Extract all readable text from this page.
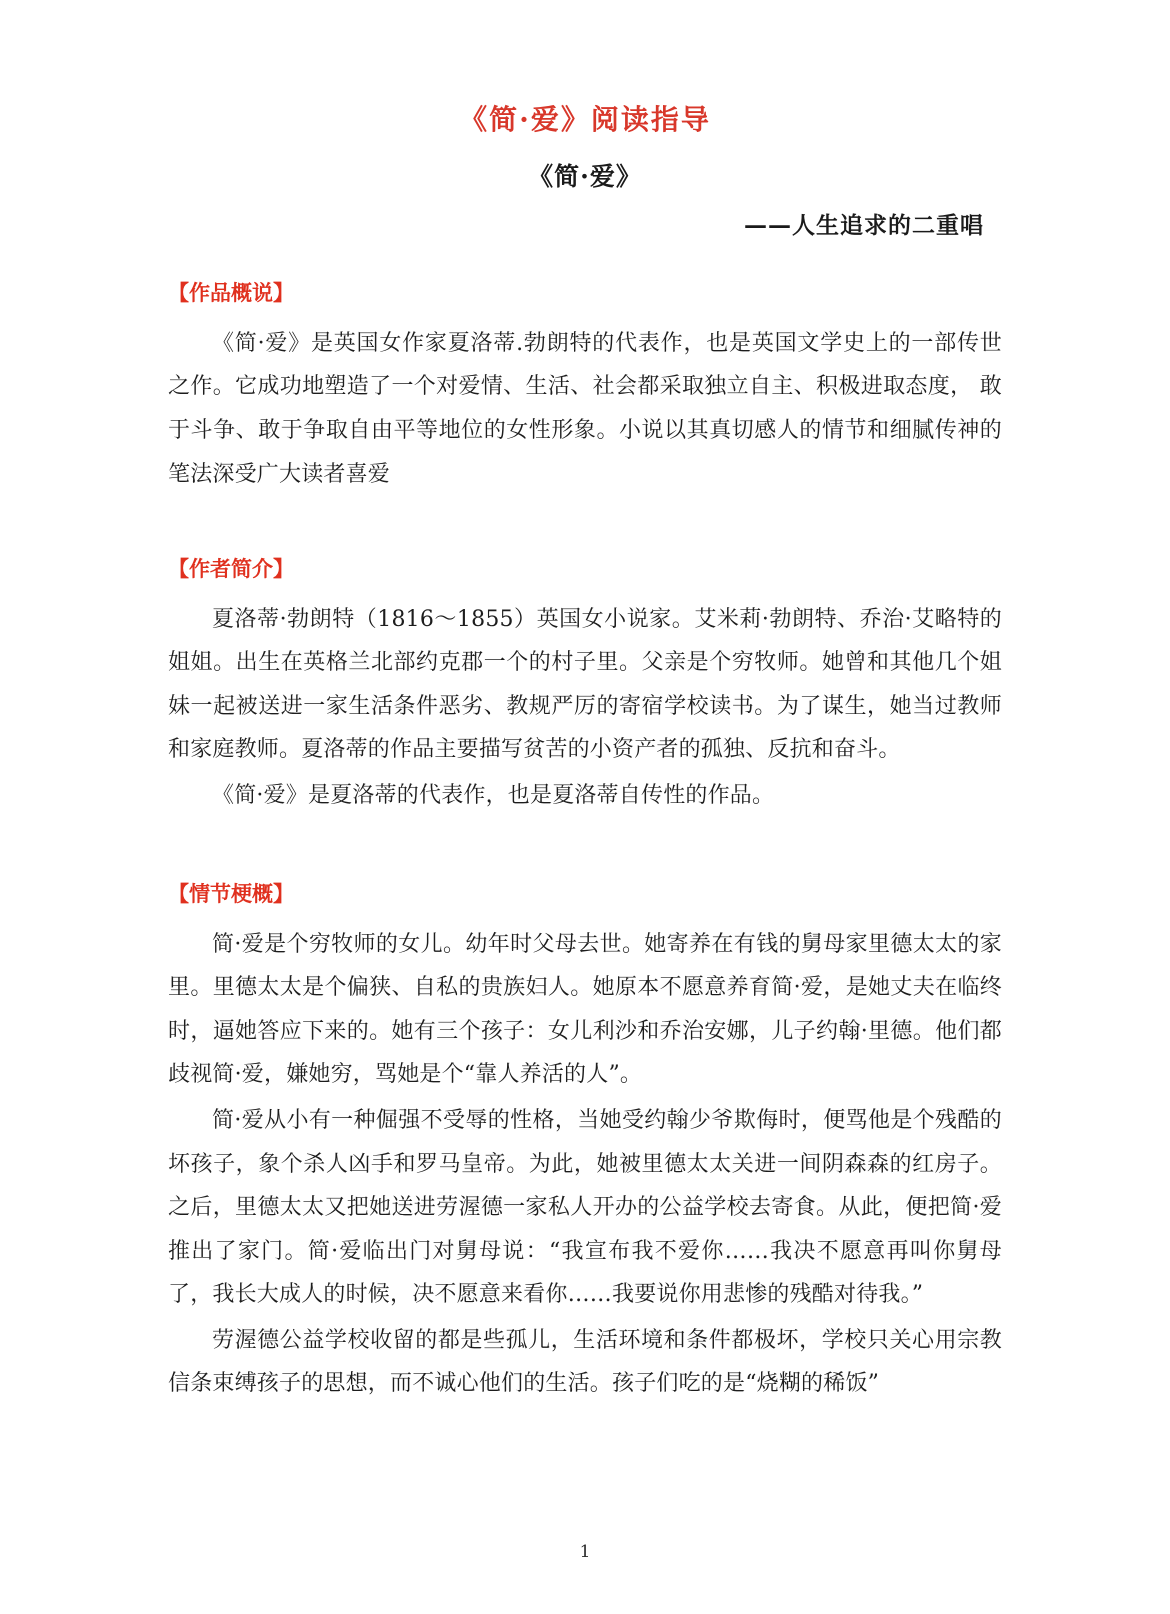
《简·爱》阅读指导
《简·爱》
——人生追求的二重唱
【作品概说】

《简·爱》是英国女作家夏洛蒂.勃朗特的代表作，也是英国文学史上的一部传世之作。它成功地塑造了一个对爱情、生活、社会都采取独立自主、积极进取态度， 敢于斗争、敢于争取自由平等地位的女性形象。小说以其真切感人的情节和细腻传神的笔法深受广大读者喜爱

【作者简介】

夏洛蒂·勃朗特（1816～1855）英国女小说家。艾米莉·勃朗特、乔治·艾略特的姐姐。出生在英格兰北部约克郡一个的村子里。父亲是个穷牧师。她曾和其他几个姐妹一起被送进一家生活条件恶劣、教规严厉的寄宿学校读书。为了谋生，她当过教师和家庭教师。夏洛蒂的作品主要描写贫苦的小资产者的孤独、反抗和奋斗。

《简·爱》是夏洛蒂的代表作，也是夏洛蒂自传性的作品。

【情节梗概】

简·爱是个穷牧师的女儿。幼年时父母去世。她寄养在有钱的舅母家里德太太的家里。里德太太是个偏狭、自私的贵族妇人。她原本不愿意养育简·爱，是她丈夫在临终时，逼她答应下来的。她有三个孩子：女儿利沙和乔治安娜，儿子约翰·里德。他们都歧视简·爱，嫌她穷，骂她是个“靠人养活的人”。

简·爱从小有一种倔强不受辱的性格，当她受约翰少爷欺侮时，便骂他是个残酷的坏孩子，象个杀人凶手和罗马皇帝。为此，她被里德太太关进一间阴森森的红房子。之后，里德太太又把她送进劳渥德一家私人开办的公益学校去寄食。从此，便把简·爱推出了家门。简·爱临出门对舅母说：“我宣布我不爱你……我决不愿意再叫你舅母了，我长大成人的时候，决不愿意来看你……我要说你用悲惨的残酷对待我。”

劳渥德公益学校收留的都是些孤儿，生活环境和条件都极坏，学校只关心用宗教信条束缚孩子的思想，而不诚心他们的生活。孩子们吃的是“烧糊的稀饭”

1
